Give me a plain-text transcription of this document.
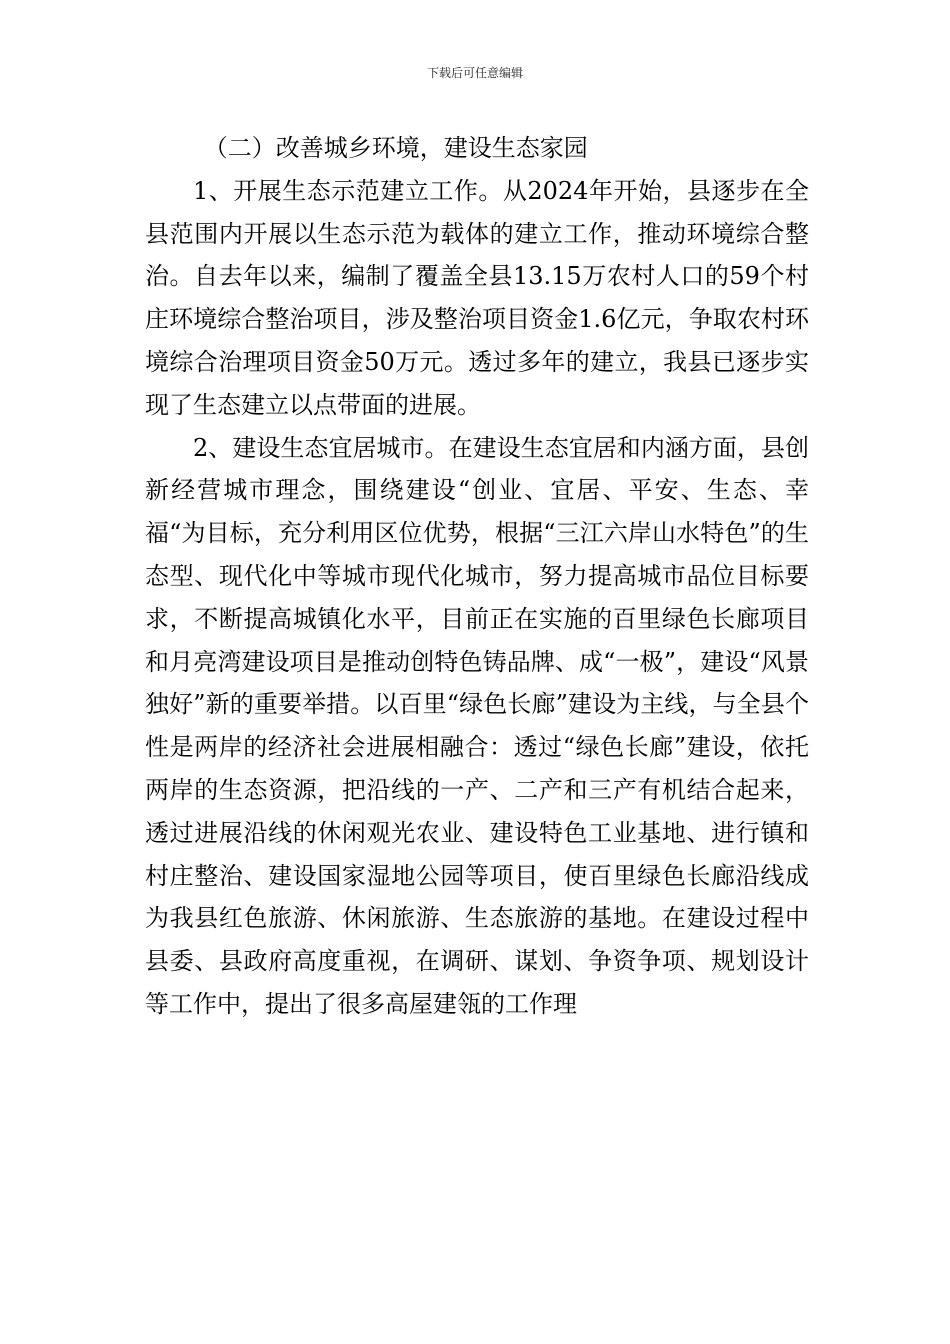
下载后可任意编辑

（二）改善城乡环境，建设生态家园

1、开展生态示范建立工作。从2024年开始，县逐步在全县范围内开展以生态示范为载体的建立工作，推动环境综合整治。自去年以来，编制了覆盖全县13.15万农村人口的59个村庄环境综合整治项目，涉及整治项目资金1.6亿元，争取农村环境综合治理项目资金50万元。透过多年的建立，我县已逐步实现了生态建立以点带面的进展。

2、建设生态宜居城市。在建设生态宜居和内涵方面，县创新经营城市理念，围绕建设“创业、宜居、平安、生态、幸福“为目标，充分利用区位优势，根据“三江六岸山水特色”的生态型、现代化中等城市现代化城市，努力提高城市品位目标要求，不断提高城镇化水平，目前正在实施的百里绿色长廊项目和月亮湾建设项目是推动创特色铸品牌、成“一极”，建设“风景独好”新的重要举措。以百里“绿色长廊”建设为主线，与全县个性是两岸的经济社会进展相融合：透过“绿色长廊”建设，依托两岸的生态资源，把沿线的一产、二产和三产有机结合起来，透过进展沿线的休闲观光农业、建设特色工业基地、进行镇和村庄整治、建设国家湿地公园等项目，使百里绿色长廊沿线成为我县红色旅游、休闲旅游、生态旅游的基地。在建设过程中县委、县政府高度重视，在调研、谋划、争资争项、规划设计等工作中，提出了很多高屋建瓴的工作理
